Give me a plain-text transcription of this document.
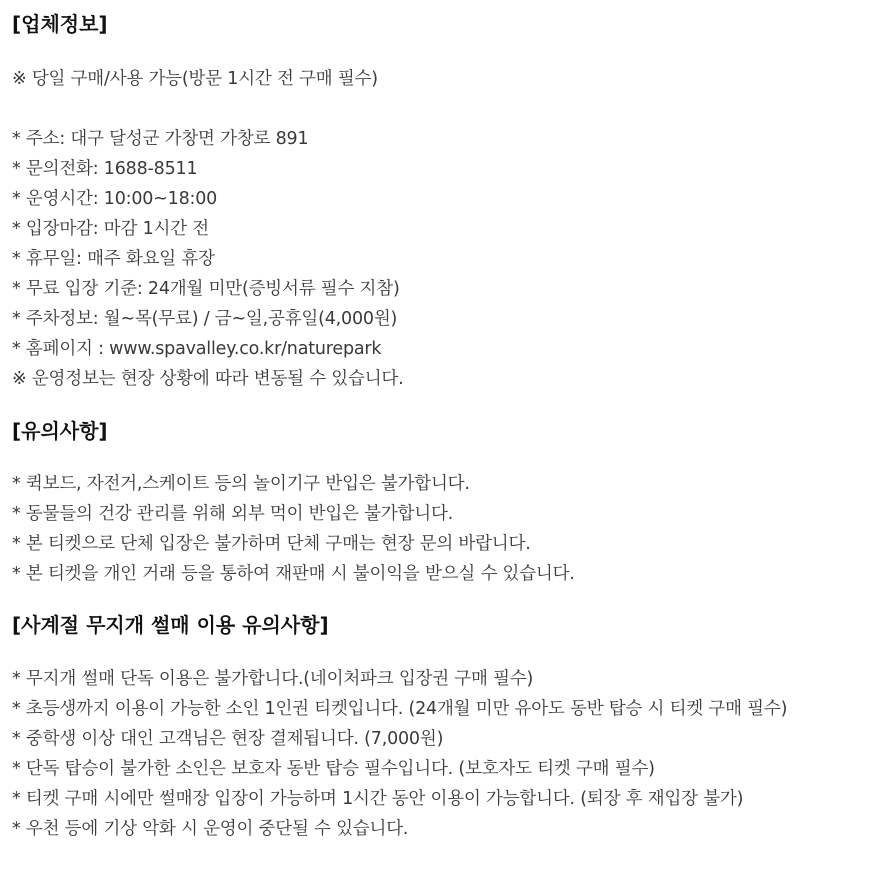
[업체정보]
※ 당일 구매/사용 가능(방문 1시간 전 구매 필수)
* 주소: 대구 달성군 가창면 가창로 891
* 문의전화: 1688-8511
* 운영시간: 10:00~18:00
* 입장마감: 마감 1시간 전
* 휴무일: 매주 화요일 휴장
* 무료 입장 기준: 24개월 미만(증빙서류 필수 지참)
* 주차정보: 월~목(무료) / 금~일,공휴일(4,000원)
* 홈페이지 : www.spavalley.co.kr/naturepark
※ 운영정보는 현장 상황에 따라 변동될 수 있습니다.
[유의사항]
* 퀵보드, 자전거,스케이트 등의 놀이기구 반입은 불가합니다.
* 동물들의 건강 관리를 위해 외부 먹이 반입은 불가합니다.
* 본 티켓으로 단체 입장은 불가하며 단체 구매는 현장 문의 바랍니다.
* 본 티켓을 개인 거래 등을 통하여 재판매 시 불이익을 받으실 수 있습니다.
[사계절 무지개 썰매 이용 유의사항]
* 무지개 썰매 단독 이용은 불가합니다.(네이처파크 입장권 구매 필수)
* 초등생까지 이용이 가능한 소인 1인권 티켓입니다. (24개월 미만 유아도 동반 탑승 시 티켓 구매 필수)
* 중학생 이상 대인 고객님은 현장 결제됩니다. (7,000원)
* 단독 탑승이 불가한 소인은 보호자 동반 탑승 필수입니다. (보호자도 티켓 구매 필수)
* 티켓 구매 시에만 썰매장 입장이 가능하며 1시간 동안 이용이 가능합니다. (퇴장 후 재입장 불가)
* 우천 등에 기상 악화 시 운영이 중단될 수 있습니다.
